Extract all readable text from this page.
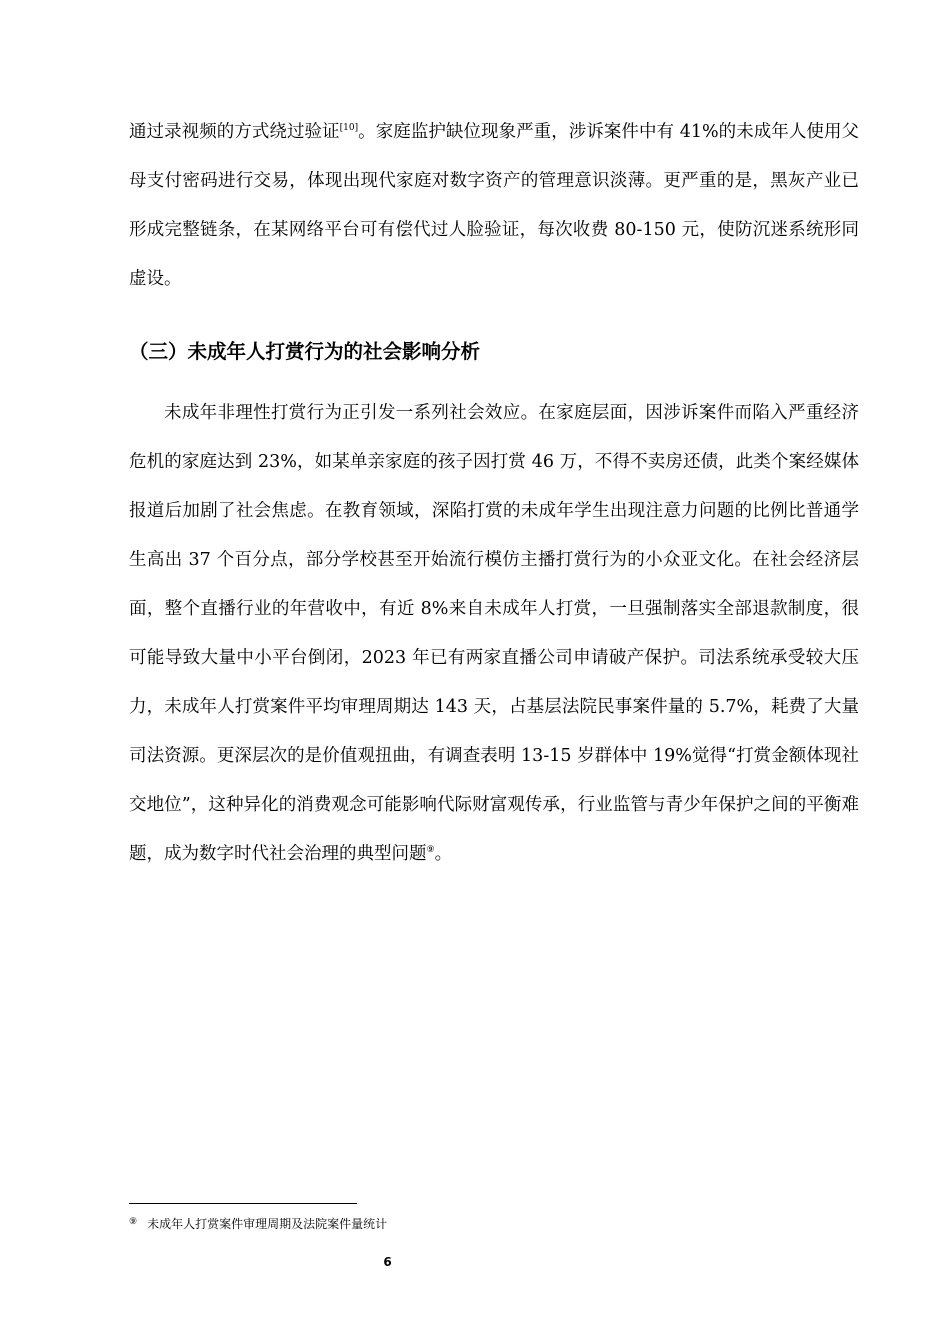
通过录视频的方式绕过验证[10]。家庭监护缺位现象严重，涉诉案件中有 41%的未成年人使用父母支付密码进行交易，体现出现代家庭对数字资产的管理意识淡薄。更严重的是，黑灰产业已形成完整链条，在某网络平台可有偿代过人脸验证，每次收费 80-150 元，使防沉迷系统形同虚设。

（三）未成年人打赏行为的社会影响分析

未成年非理性打赏行为正引发一系列社会效应。在家庭层面，因涉诉案件而陷入严重经济危机的家庭达到 23%，如某单亲家庭的孩子因打赏 46 万，不得不卖房还债，此类个案经媒体报道后加剧了社会焦虑。在教育领域，深陷打赏的未成年学生出现注意力问题的比例比普通学生高出 37 个百分点，部分学校甚至开始流行模仿主播打赏行为的小众亚文化。在社会经济层面，整个直播行业的年营收中，有近 8%来自未成年人打赏，一旦强制落实全部退款制度，很可能导致大量中小平台倒闭，2023 年已有两家直播公司申请破产保护。司法系统承受较大压力，未成年人打赏案件平均审理周期达 143 天，占基层法院民事案件量的 5.7%，耗费了大量司法资源。更深层次的是价值观扭曲，有调查表明 13-15 岁群体中 19%觉得“打赏金额体现社交地位”，这种异化的消费观念可能影响代际财富观传承，行业监管与青少年保护之间的平衡难题，成为数字时代社会治理的典型问题⑨。

⑨ 未成年人打赏案件审理周期及法院案件量统计

6
